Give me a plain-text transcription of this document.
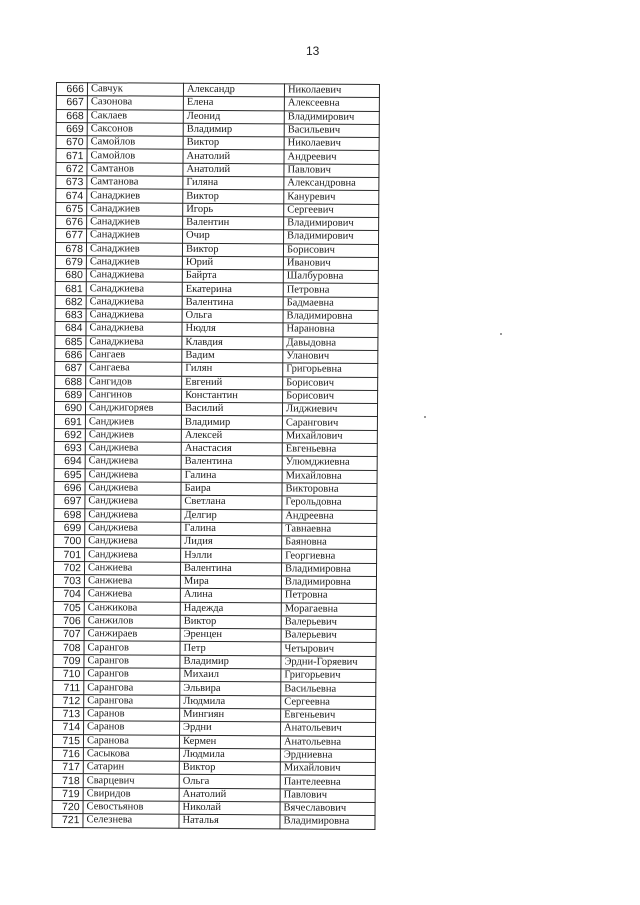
13
666	Савчук	Александр	Николаевич
667	Сазонова	Елена	Алексеевна
668	Саклаев	Леонид	Владимирович
669	Саксонов	Владимир	Васильевич
670	Самойлов	Виктор	Николаевич
671	Самойлов	Анатолий	Андреевич
672	Самтанов	Анатолий	Павлович
673	Самтанова	Гиляна	Александровна
674	Санаджиев	Виктор	Кануревич
675	Санаджиев	Игорь	Сергеевич
676	Санаджиев	Валентин	Владимирович
677	Санаджиев	Очир	Владимирович
678	Санаджиев	Виктор	Борисович
679	Санаджиев	Юрий	Иванович
680	Санаджиева	Байрта	Шалбуровна
681	Санаджиева	Екатерина	Петровна
682	Санаджиева	Валентина	Бадмаевна
683	Санаджиева	Ольга	Владимировна
684	Санаджиева	Нюдля	Нарановна
685	Санаджиева	Клавдия	Давыдовна
686	Сангаев	Вадим	Уланович
687	Сангаева	Гилян	Григорьевна
688	Сангидов	Евгений	Борисович
689	Сангинов	Константин	Борисович
690	Санджигоряев	Василий	Лиджиевич
691	Санджиев	Владимир	Сарангович
692	Санджиев	Алексей	Михайлович
693	Санджиева	Анастасия	Евгеньевна
694	Санджиева	Валентина	Улюмджиевна
695	Санджиева	Галина	Михайловна
696	Санджиева	Баира	Викторовна
697	Санджиева	Светлана	Герольдовна
698	Санджиева	Делгир	Андреевна
699	Санджиева	Галина	Тавнаевна
700	Санджиева	Лидия	Баяновна
701	Санджиева	Нэлли	Георгиевна
702	Санжиева	Валентина	Владимировна
703	Санжиева	Мира	Владимировна
704	Санжиева	Алина	Петровна
705	Санжикова	Надежда	Морагаевна
706	Санжилов	Виктор	Валерьевич
707	Санжираев	Эренцен	Валерьевич
708	Сарангов	Петр	Четырович
709	Сарангов	Владимир	Эрдни-Горяевич
710	Сарангов	Михаил	Григорьевич
711	Сарангова	Эльвира	Васильевна
712	Сарангова	Людмила	Сергеевна
713	Саранов	Мингиян	Евгеньевич
714	Саранов	Эрдни	Анатольевич
715	Саранова	Кермен	Анатольевна
716	Сасыкова	Людмила	Эрдниевна
717	Сатарин	Виктор	Михайлович
718	Сварцевич	Ольга	Пантелеевна
719	Свиридов	Анатолий	Павлович
720	Севостьянов	Николай	Вячеславович
721	Селезнева	Наталья	Владимировна
